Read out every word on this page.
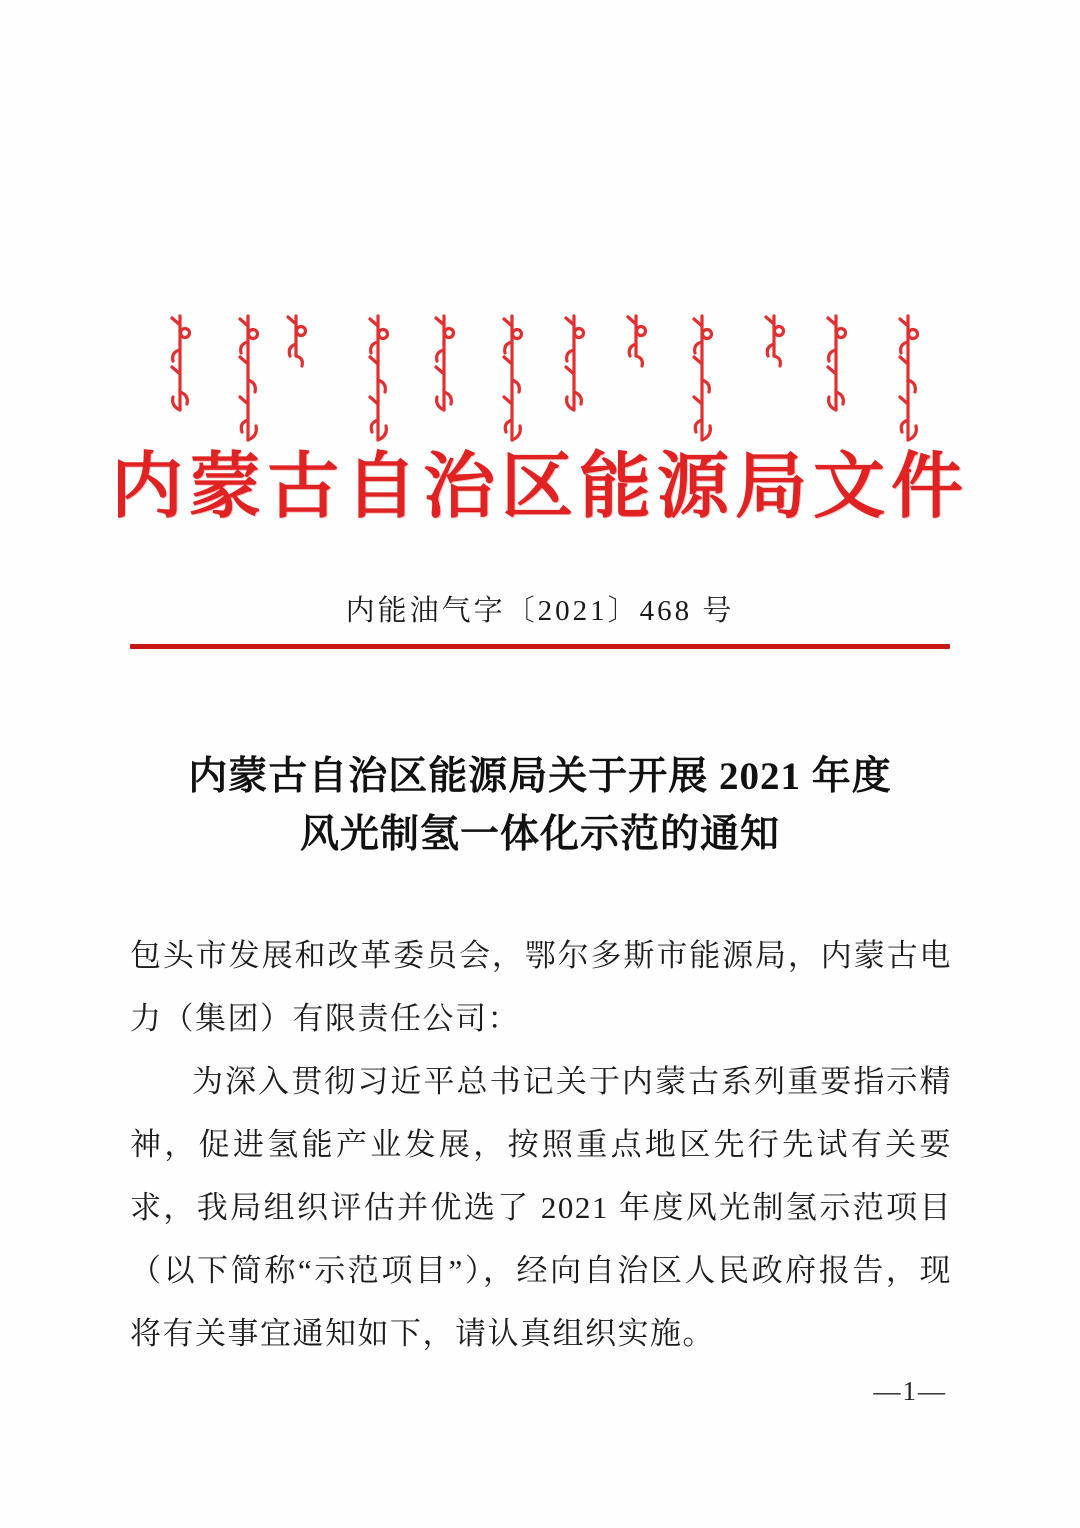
内蒙古自治区能源局文件
内能油气字〔2021〕468 号
内蒙古自治区能源局关于开展 2021 年度
风光制氢一体化示范的通知

包头市发展和改革委员会，鄂尔多斯市能源局，内蒙古电力（集团）有限责任公司：

为深入贯彻习近平总书记关于内蒙古系列重要指示精神，促进氢能产业发展，按照重点地区先行先试有关要求，我局组织评估并优选了 2021 年度风光制氢示范项目（以下简称“示范项目”），经向自治区人民政府报告，现将有关事宜通知如下，请认真组织实施。

—1—
